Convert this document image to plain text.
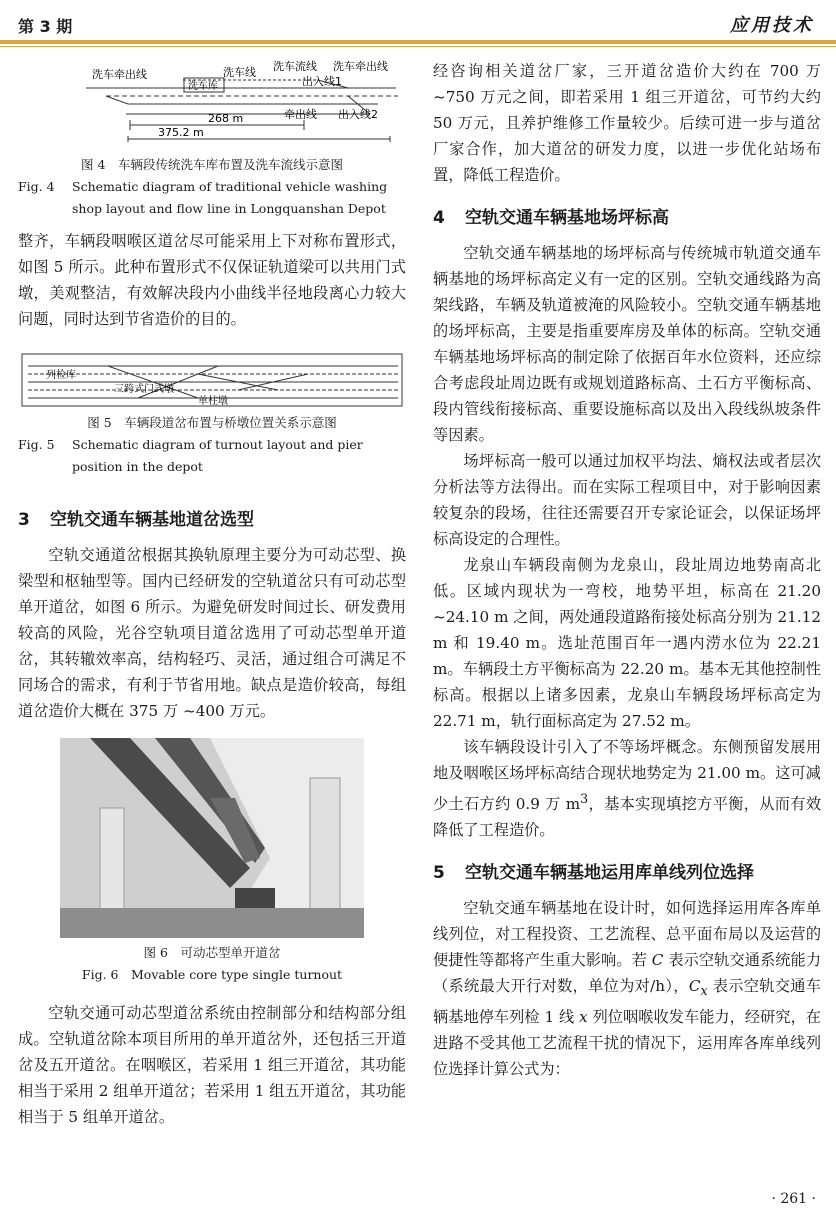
第 3 期	应用技术
洗车牵出线	洗车线 洗车流线 洗车牵出线
洗车库	出入线1
牵出线 出入线2
268 m
375.2 m
图 4　车辆段传统洗车库布置及洗车流线示意图
Fig. 4	Schematic diagram of traditional vehicle washing shop layout and flow line in Longquanshan Depot

整齐，车辆段咽喉区道岔尽可能采用上下对称布置形式，如图 5 所示。此种布置形式不仅保证轨道梁可以共用门式墩，美观整洁，有效解决段内小曲线半径地段离心力较大问题，同时达到节省造价的目的。

列检库
三跨式门式墩
单柱墩
图 5　车辆段道岔布置与桥墩位置关系示意图
Fig. 5	Schematic diagram of turnout layout and pier position in the depot
3 空轨交通车辆基地道岔选型

空轨交通道岔根据其换轨原理主要分为可动芯型、换梁型和枢轴型等。国内已经研发的空轨道岔只有可动芯型单开道岔，如图 6 所示。为避免研发时间过长、研发费用较高的风险，光谷空轨项目道岔选用了可动芯型单开道岔，其转辙效率高，结构轻巧、灵活，通过组合可满足不同场合的需求，有利于节省用地。缺点是造价较高，每组道岔造价大概在 375 万 ~400 万元。

图 6　可动芯型单开道岔
Fig. 6　 Movable core type single turnout

空轨交通可动芯型道岔系统由控制部分和结构部分组成。空轨道岔除本项目所用的单开道岔外，还包括三开道岔及五开道岔。在咽喉区，若采用 1 组三开道岔，其功能相当于采用 2 组单开道岔；若采用 1 组五开道岔，其功能相当于 5 组单开道岔。

经咨询相关道岔厂家，三开道岔造价大约在 700 万 ~750 万元之间，即若采用 1 组三开道岔，可节约大约 50 万元，且养护维修工作量较少。后续可进一步与道岔厂家合作，加大道岔的研发力度，以进一步优化站场布置，降低工程造价。

4 空轨交通车辆基地场坪标高

空轨交通车辆基地的场坪标高与传统城市轨道交通车辆基地的场坪标高定义有一定的区别。空轨交通线路为高架线路，车辆及轨道被淹的风险较小。空轨交通车辆基地的场坪标高，主要是指重要库房及单体的标高。空轨交通车辆基地场坪标高的制定除了依据百年水位资料，还应综合考虑段址周边既有或规划道路标高、土石方平衡标高、段内管线衔接标高、重要设施标高以及出入段线纵坡条件等因素。

场坪标高一般可以通过加权平均法、熵权法或者层次分析法等方法得出。而在实际工程项目中，对于影响因素较复杂的段场，往往还需要召开专家论证会，以保证场坪标高设定的合理性。

龙泉山车辆段南侧为龙泉山，段址周边地势南高北低。区域内现状为一弯校，地势平坦，标高在 21.20 ~24.10 m 之间，两处通段道路衔接处标高分别为 21.12 m 和 19.40 m。选址范围百年一遇内涝水位为 22.21 m。车辆段土方平衡标高为 22.20 m。基本无其他控制性标高。根据以上诸多因素，龙泉山车辆段场坪标高定为 22.71 m，轨行面标高定为 27.52 m。

该车辆段设计引入了不等场坪概念。东侧预留发展用地及咽喉区场坪标高结合现状地势定为 21.00 m。这可减少土石方约 0.9 万 $m^3$，基本实现填挖方平衡，从而有效降低了工程造价。

5 空轨交通车辆基地运用库单线列位选择

空轨交通车辆基地在设计时，如何选择运用库各库单线列位，对工程投资、工艺流程、总平面布局以及运营的便捷性等都将产生重大影响。若 C 表示空轨交通系统能力（系统最大开行对数，单位为对/h），$C_x$ 表示空轨交通车辆基地停车列检 1 线 x 列位咽喉收发车能力，经研究，在进路不受其他工艺流程干扰的情况下，运用库各库单线列位选择计算公式为：

· 261 ·
